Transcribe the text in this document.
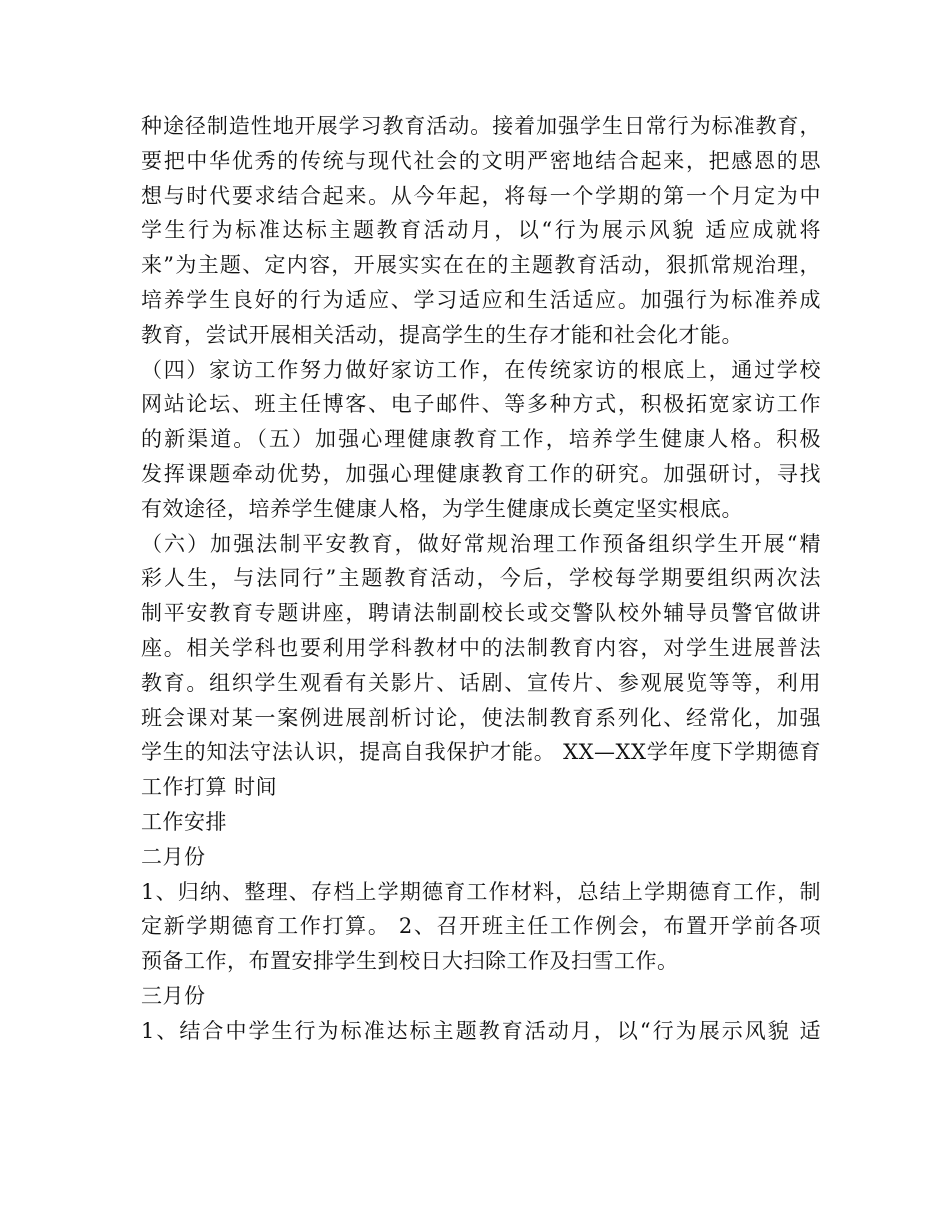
种途径制造性地开展学习教育活动。接着加强学生日常行为标准教育，
要把中华优秀的传统与现代社会的文明严密地结合起来，把感恩的思
想与时代要求结合起来。从今年起，将每一个学期的第一个月定为中
学生行为标准达标主题教育活动月，以“行为展示风貌 适应成就将
来”为主题、定内容，开展实实在在的主题教育活动，狠抓常规治理，
培养学生良好的行为适应、学习适应和生活适应。加强行为标准养成
教育，尝试开展相关活动，提高学生的生存才能和社会化才能。
（四）家访工作努力做好家访工作，在传统家访的根底上，通过学校
网站论坛、班主任博客、电子邮件、等多种方式，积极拓宽家访工作
的新渠道。（五）加强心理健康教育工作，培养学生健康人格。积极
发挥课题牵动优势，加强心理健康教育工作的研究。加强研讨，寻找
有效途径，培养学生健康人格，为学生健康成长奠定坚实根底。
（六）加强法制平安教育，做好常规治理工作预备组织学生开展“精
彩人生，与法同行”主题教育活动，今后，学校每学期要组织两次法
制平安教育专题讲座，聘请法制副校长或交警队校外辅导员警官做讲
座。相关学科也要利用学科教材中的法制教育内容，对学生进展普法
教育。组织学生观看有关影片、话剧、宣传片、参观展览等等，利用
班会课对某一案例进展剖析讨论，使法制教育系列化、经常化，加强
学生的知法守法认识，提高自我保护才能。 XX—XX学年度下学期德育
工作打算 时间
工作安排
二月份
1、归纳、整理、存档上学期德育工作材料，总结上学期德育工作，制
定新学期德育工作打算。 2、召开班主任工作例会，布置开学前各项
预备工作，布置安排学生到校日大扫除工作及扫雪工作。
三月份
1、结合中学生行为标准达标主题教育活动月，以“行为展示风貌 适
